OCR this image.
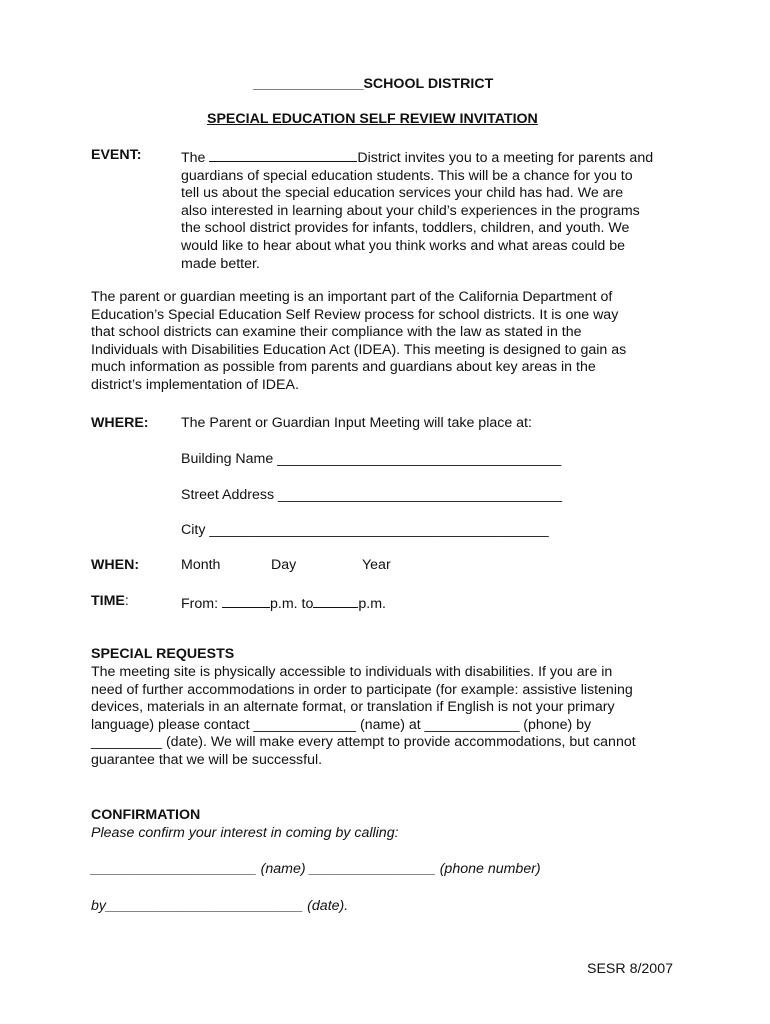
______________SCHOOL DISTRICT
SPECIAL EDUCATION SELF REVIEW INVITATION
EVENT:	The	District invites you to a meeting for parents and
guardians of special education students. This will be a chance for you to
tell us about the special education services your child has had. We are
also interested in learning about your child’s experiences in the programs
the school district provides for infants, toddlers, children, and youth. We
would like to hear about what you think works and what areas could be
made better.
The parent or guardian meeting is an important part of the California Department of
Education’s Special Education Self Review process for school districts. It is one way
that school districts can examine their compliance with the law as stated in the
Individuals with Disabilities Education Act (IDEA). This meeting is designed to gain as
much information as possible from parents and guardians about key areas in the
district’s implementation of IDEA.
WHERE: The Parent or Guardian Input Meeting will take place at:
Building Name ____________________________________
Street Address ____________________________________
City ___________________________________________
WHEN:	Month	Day	Year
TIME:	From:	p.m. to	p.m.
SPECIAL REQUESTS
The meeting site is physically accessible to individuals with disabilities. If you are in
need of further accommodations in order to participate (for example: assistive listening
devices, materials in an alternate format, or translation if English is not your primary
language) please contact _____________ (name) at ____________ (phone) by
_________ (date). We will make every attempt to provide accommodations, but cannot
guarantee that we will be successful.
CONFIRMATION
Please confirm your interest in coming by calling:
_____________________ (name) ________________ (phone number)
by_________________________ (date).
SESR 8/2007
